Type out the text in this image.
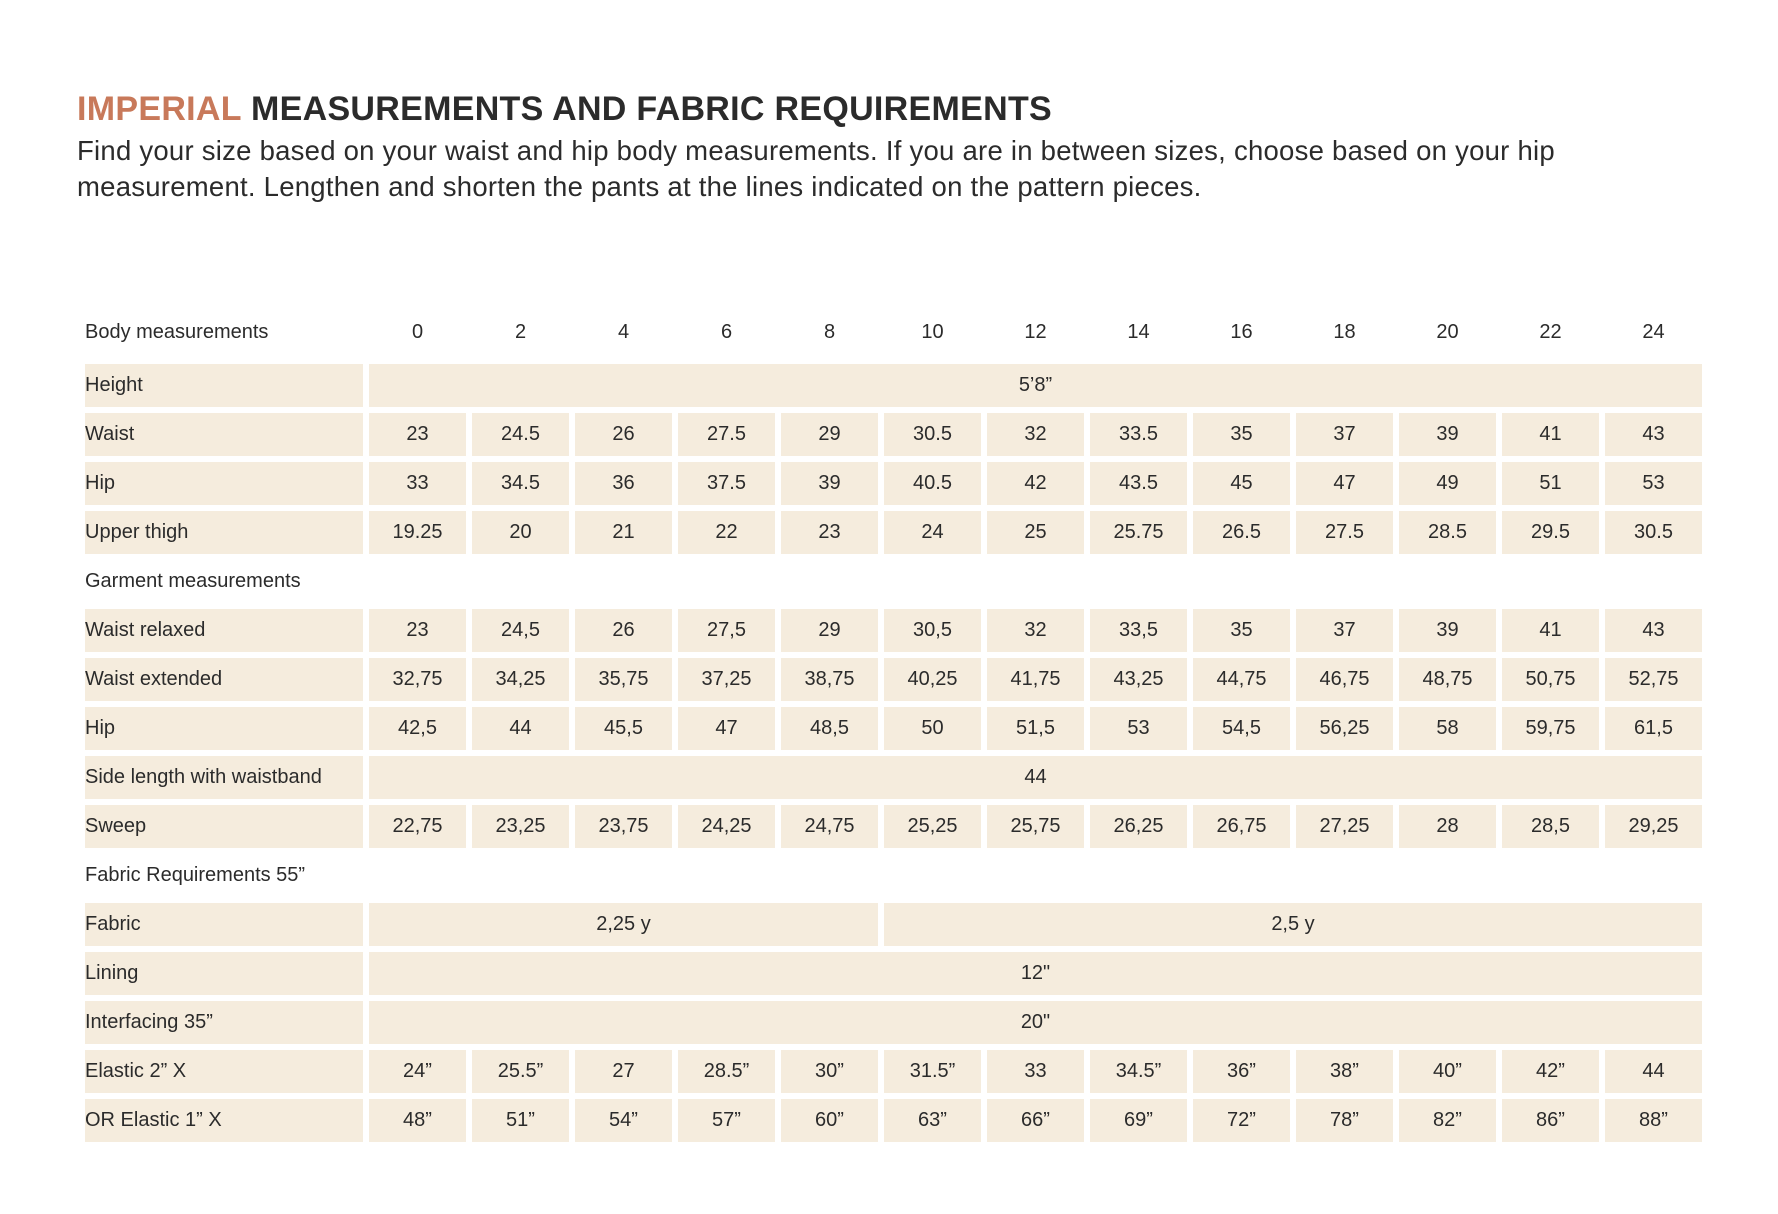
IMPERIAL MEASUREMENTS AND FABRIC REQUIREMENTS
Find your size based on your waist and hip body measurements. If you are in between sizes, choose based on your hip measurement. Lengthen and shorten the pants at the lines indicated on the pattern pieces.
Body measurements	0	2	4	6	8	10	12	14	16	18	20	22	24
Height	5’8”												
Waist	23	24.5	26	27.5	29	30.5	32	33.5	35	37	39	41	43
Hip	33	34.5	36	37.5	39	40.5	42	43.5	45	47	49	51	53
Upper thigh	19.25	20	21	22	23	24	25	25.75	26.5	27.5	28.5	29.5	30.5
Garment measurements													
Waist relaxed	23	24,5	26	27,5	29	30,5	32	33,5	35	37	39	41	43
Waist extended	32,75	34,25	35,75	37,25	38,75	40,25	41,75	43,25	44,75	46,75	48,75	50,75	52,75
Hip	42,5	44	45,5	47	48,5	50	51,5	53	54,5	56,25	58	59,75	61,5
Side length with waistband	44												
Sweep	22,75	23,25	23,75	24,25	24,75	25,25	25,75	26,25	26,75	27,25	28	28,5	29,25
Fabric Requirements 55”													
Fabric	2,25 y					2,5 y							
Lining	12"												
Interfacing 35”	20"												
Elastic 2” X	24”	25.5”	27	28.5”	30”	31.5”	33	34.5”	36”	38”	40”	42”	44
OR Elastic 1” X	48”	51”	54”	57”	60”	63”	66”	69”	72”	78”	82”	86”	88”
